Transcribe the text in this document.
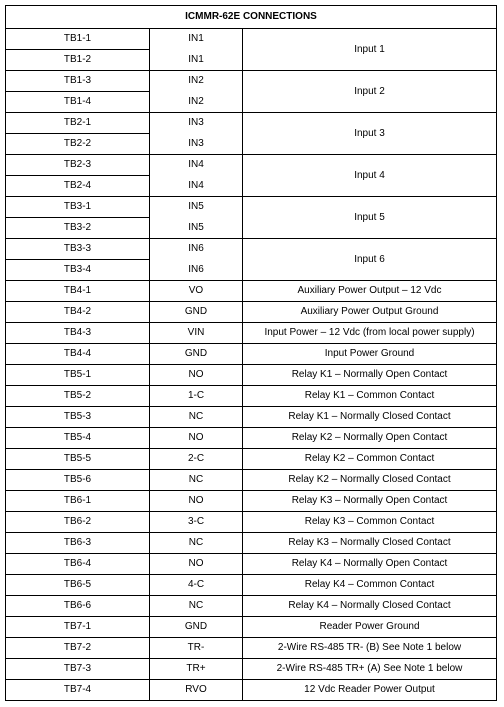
ICMMR-62E CONNECTIONS		
TB1-1	IN1	Input 1
TB1-2	IN1	
TB1-3	IN2	Input 2
TB1-4	IN2	
TB2-1	IN3	Input 3
TB2-2	IN3	
TB2-3	IN4	Input 4
TB2-4	IN4	
TB3-1	IN5	Input 5
TB3-2	IN5	
TB3-3	IN6	Input 6
TB3-4	IN6	
TB4-1	VO	Auxiliary Power Output – 12 Vdc
TB4-2	GND	Auxiliary Power Output Ground
TB4-3	VIN	Input Power – 12 Vdc (from local power supply)
TB4-4	GND	Input Power Ground
TB5-1	NO	Relay K1 – Normally Open Contact
TB5-2	1-C	Relay K1 – Common Contact
TB5-3	NC	Relay K1 – Normally Closed Contact
TB5-4	NO	Relay K2 – Normally Open Contact
TB5-5	2-C	Relay K2 – Common Contact
TB5-6	NC	Relay K2 – Normally Closed Contact
TB6-1	NO	Relay K3 – Normally Open Contact
TB6-2	3-C	Relay K3 – Common Contact
TB6-3	NC	Relay K3 – Normally Closed Contact
TB6-4	NO	Relay K4 – Normally Open Contact
TB6-5	4-C	Relay K4 – Common Contact
TB6-6	NC	Relay K4 – Normally Closed Contact
TB7-1	GND	Reader Power Ground
TB7-2	TR-	2-Wire RS-485 TR- (B) See Note 1 below
TB7-3	TR+	2-Wire RS-485 TR+ (A) See Note 1 below
TB7-4	RVO	12 Vdc Reader Power Output
